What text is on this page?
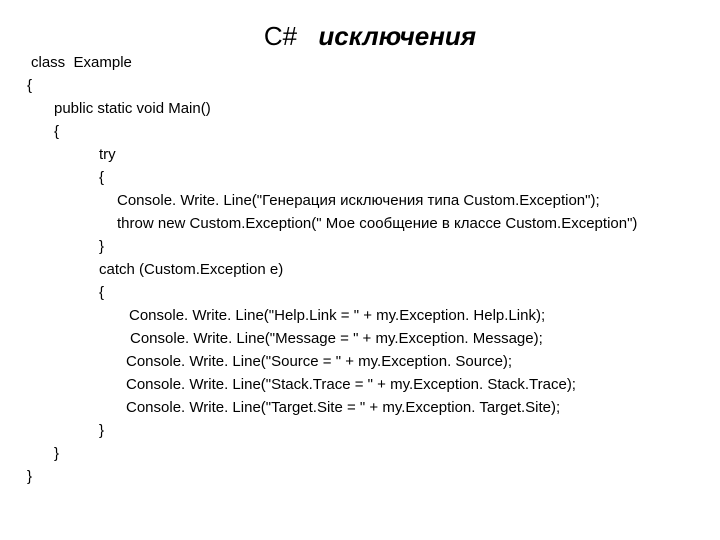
C# исключения
class  Example
{
public static void Main()
{
try
{
Console. Write. Line("Генерация исключения типа Custom.Exception");
throw new Custom.Exception(" Мое сообщение в классе Custom.Exception")
}
catch (Custom.Exception e)
{
Console. Write. Line("Help.Link = " + my.Exception. Help.Link);
Console. Write. Line("Message = " + my.Exception. Message);
Console. Write. Line("Source = " + my.Exception. Source);
Console. Write. Line("Stack.Trace = " + my.Exception. Stack.Trace);
Console. Write. Line("Target.Site = " + my.Exception. Target.Site);
}
}
}
